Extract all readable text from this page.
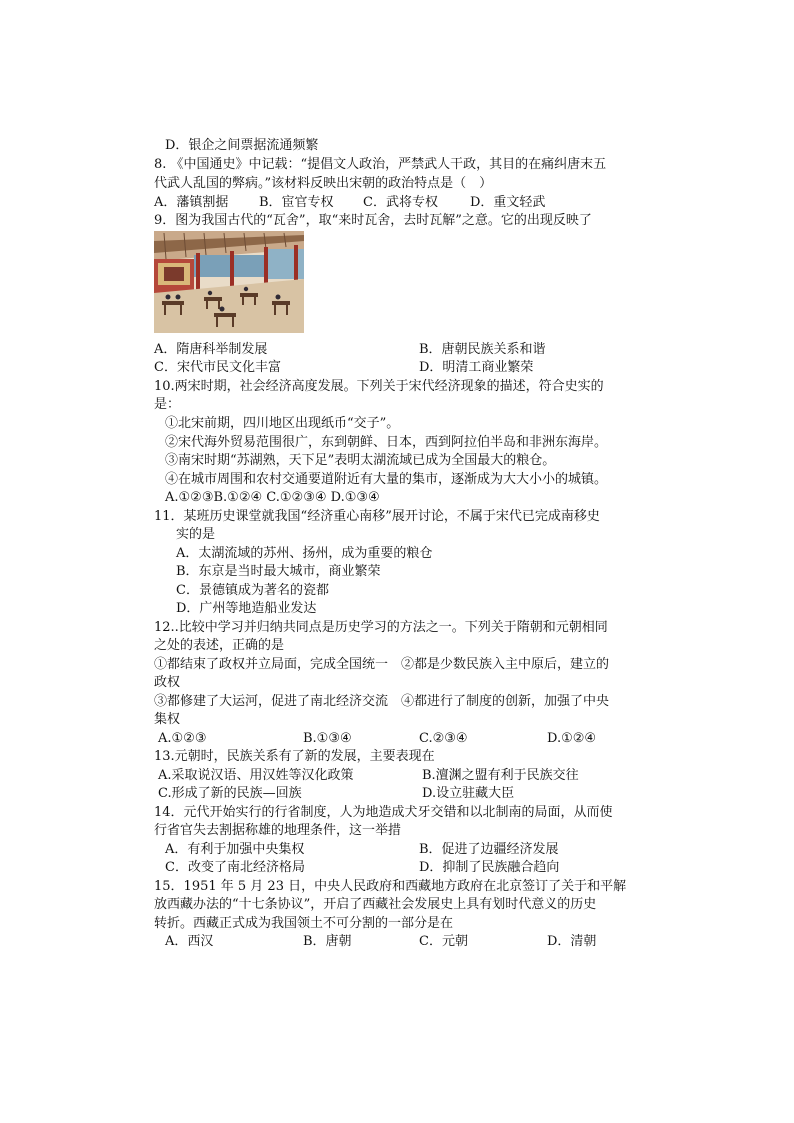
D．银企之间票据流通频繁
8. 《中国通史》中记载：“提倡文人政治，严禁武人干政，其目的在痛纠唐末五
代武人乱国的弊病。”该材料反映出宋朝的政治特点是（　）
A．藩镇割据 B．宦官专权 C．武将专权 D．重文轻武
9．图为我国古代的“瓦舍”，取“来时瓦舍，去时瓦解”之意。它的出现反映了
A．隋唐科举制发展	B．唐朝民族关系和谐
C．宋代市民文化丰富	D．明清工商业繁荣
10.两宋时期，社会经济高度发展。下列关于宋代经济现象的描述，符合史实的
是：
①北宋前期，四川地区出现纸币“交子”。
②宋代海外贸易范围很广，东到朝鲜、日本，西到阿拉伯半岛和非洲东海岸。
③南宋时期“苏湖熟，天下足”表明太湖流域已成为全国最大的粮仓。
④在城市周围和农村交通要道附近有大量的集市，逐渐成为大大小小的城镇。
A.①②③B.①②④ C.①②③④ D.①③④
11．某班历史课堂就我国“经济重心南移”展开讨论，不属于宋代已完成南移史
实的是
A．太湖流域的苏州、扬州，成为重要的粮仓
B．东京是当时最大城市，商业繁荣
C．景德镇成为著名的瓷都
D．广州等地造船业发达
12..比较中学习并归纳共同点是历史学习的方法之一。下列关于隋朝和元朝相同
之处的表述，正确的是
①都结束了政权并立局面，完成全国统一　②都是少数民族入主中原后，建立的
政权
③都修建了大运河，促进了南北经济交流　④都进行了制度的创新，加强了中央
集权
A.①②③	B.①③④	C.②③④	D.①②④
13.元朝时，民族关系有了新的发展，主要表现在
A.采取说汉语、用汉姓等汉化政策	B.澶渊之盟有利于民族交往
C.形成了新的民族—回族	D.设立驻藏大臣
14．元代开始实行的行省制度，人为地造成犬牙交错和以北制南的局面，从而使
行省官失去割据称雄的地理条件，这一举措
A．有利于加强中央集权	B．促进了边疆经济发展
C．改变了南北经济格局	D．抑制了民族融合趋向
15．1951 年 5 月 23 日，中央人民政府和西藏地方政府在北京签订了关于和平解
放西藏办法的“十七条协议”，开启了西藏社会发展史上具有划时代意义的历史
转折。西藏正式成为我国领土不可分割的一部分是在
A．西汉	B．唐朝	C．元朝	D．清朝
